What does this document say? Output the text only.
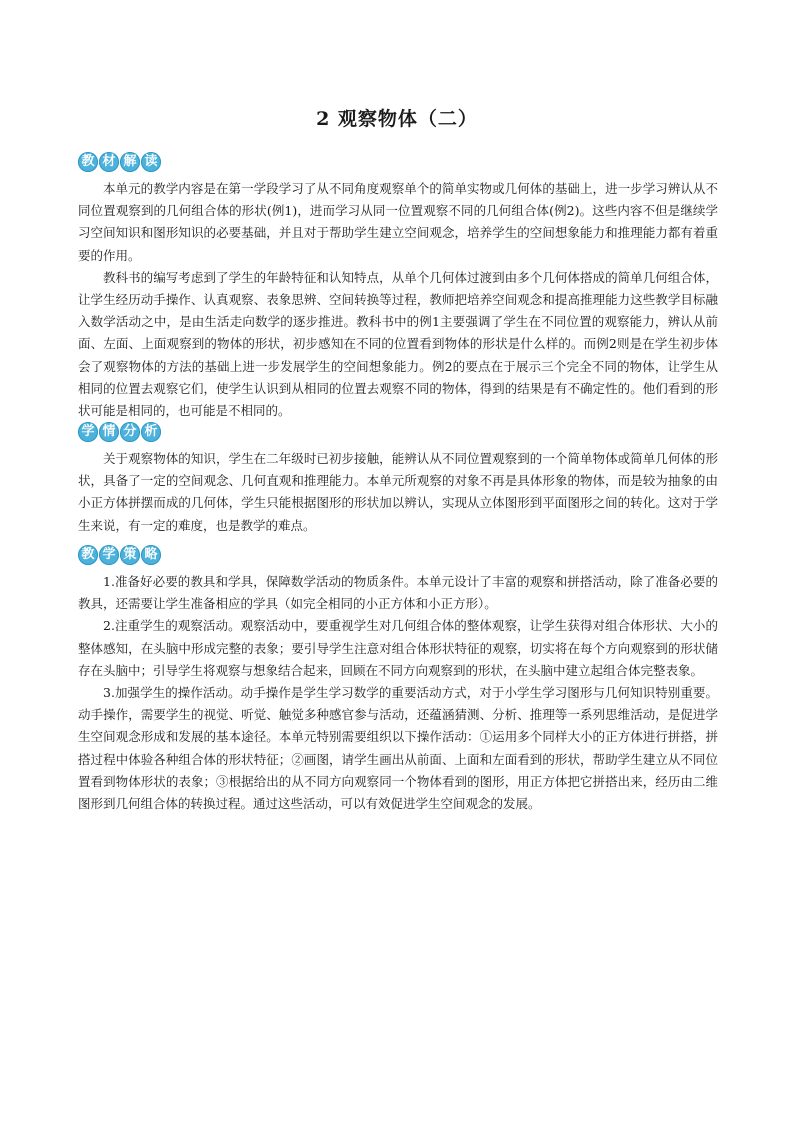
2 观察物体（二）
教 材 解 读

本单元的教学内容是在第一学段学习了从不同角度观察单个的简单实物或几何体的基础上，进一步学习辨认从不同位置观察到的几何组合体的形状(例1)，进而学习从同一位置观察不同的几何组合体(例2)。这些内容不但是继续学习空间知识和图形知识的必要基础，并且对于帮助学生建立空间观念，培养学生的空间想象能力和推理能力都有着重要的作用。

教科书的编写考虑到了学生的年龄特征和认知特点，从单个几何体过渡到由多个几何体搭成的简单几何组合体，让学生经历动手操作、认真观察、表象思辨、空间转换等过程，教师把培养空间观念和提高推理能力这些教学目标融入数学活动之中，是由生活走向数学的逐步推进。教科书中的例1主要强调了学生在不同位置的观察能力，辨认从前面、左面、上面观察到的物体的形状，初步感知在不同的位置看到物体的形状是什么样的。而例2则是在学生初步体会了观察物体的方法的基础上进一步发展学生的空间想象能力。例2的要点在于展示三个完全不同的物体，让学生从相同的位置去观察它们，使学生认识到从相同的位置去观察不同的物体，得到的结果是有不确定性的。他们看到的形状可能是相同的，也可能是不相同的。

学 情 分 析

关于观察物体的知识，学生在二年级时已初步接触，能辨认从不同位置观察到的一个简单物体或简单几何体的形状，具备了一定的空间观念、几何直观和推理能力。本单元所观察的对象不再是具体形象的物体，而是较为抽象的由小正方体拼摆而成的几何体，学生只能根据图形的形状加以辨认，实现从立体图形到平面图形之间的转化。这对于学生来说，有一定的难度，也是教学的难点。

教 学 策 略

1.准备好必要的教具和学具，保障数学活动的物质条件。本单元设计了丰富的观察和拼搭活动，除了准备必要的教具，还需要让学生准备相应的学具（如完全相同的小正方体和小正方形）。

2.注重学生的观察活动。观察活动中，要重视学生对几何组合体的整体观察，让学生获得对组合体形状、大小的整体感知，在头脑中形成完整的表象；要引导学生注意对组合体形状特征的观察，切实将在每个方向观察到的形状储存在头脑中；引导学生将观察与想象结合起来，回顾在不同方向观察到的形状，在头脑中建立起组合体完整表象。

3.加强学生的操作活动。动手操作是学生学习数学的重要活动方式，对于小学生学习图形与几何知识特别重要。动手操作，需要学生的视觉、听觉、触觉多种感官参与活动，还蕴涵猜测、分析、推理等一系列思维活动，是促进学生空间观念形成和发展的基本途径。本单元特别需要组织以下操作活动：①运用多个同样大小的正方体进行拼搭，拼搭过程中体验各种组合体的形状特征；②画图，请学生画出从前面、上面和左面看到的形状，帮助学生建立从不同位置看到物体形状的表象；③根据给出的从不同方向观察同一个物体看到的图形，用正方体把它拼搭出来，经历由二维图形到几何组合体的转换过程。通过这些活动，可以有效促进学生空间观念的发展。
